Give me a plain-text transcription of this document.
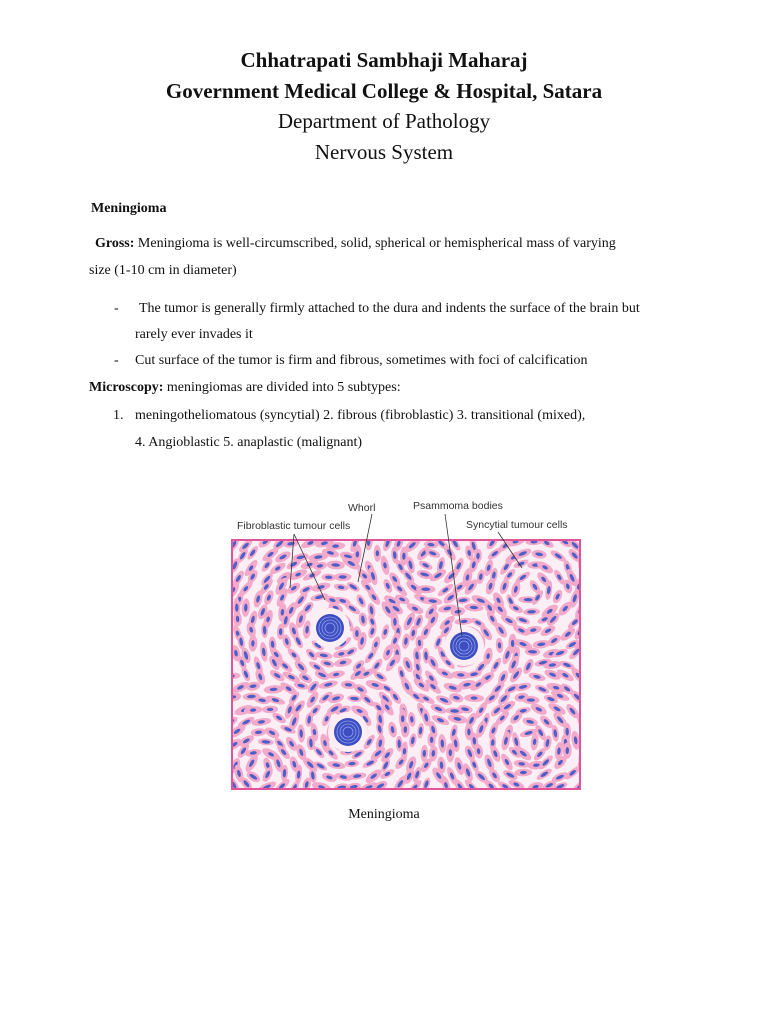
Chhatrapati Sambhaji Maharaj
Government Medical College & Hospital, Satara
Department of Pathology
Nervous System
Meningioma
Gross: Meningioma is well-circumscribed, solid, spherical or hemispherical mass of varying
size (1-10 cm in diameter)
- The tumor is generally firmly attached to the dura and indents the surface of the brain but
rarely ever invades it
- Cut surface of the tumor is firm and fibrous, sometimes with foci of calcification
Microscopy: meningiomas are divided into 5 subtypes:
1. meningotheliomatous (syncytial) 2. fibrous (fibroblastic) 3. transitional (mixed),
4. Angioblastic 5. anaplastic (malignant)
Whorl	Psammoma bodies
Fibroblastic tumour cells	Syncytial tumour cells
Meningioma
